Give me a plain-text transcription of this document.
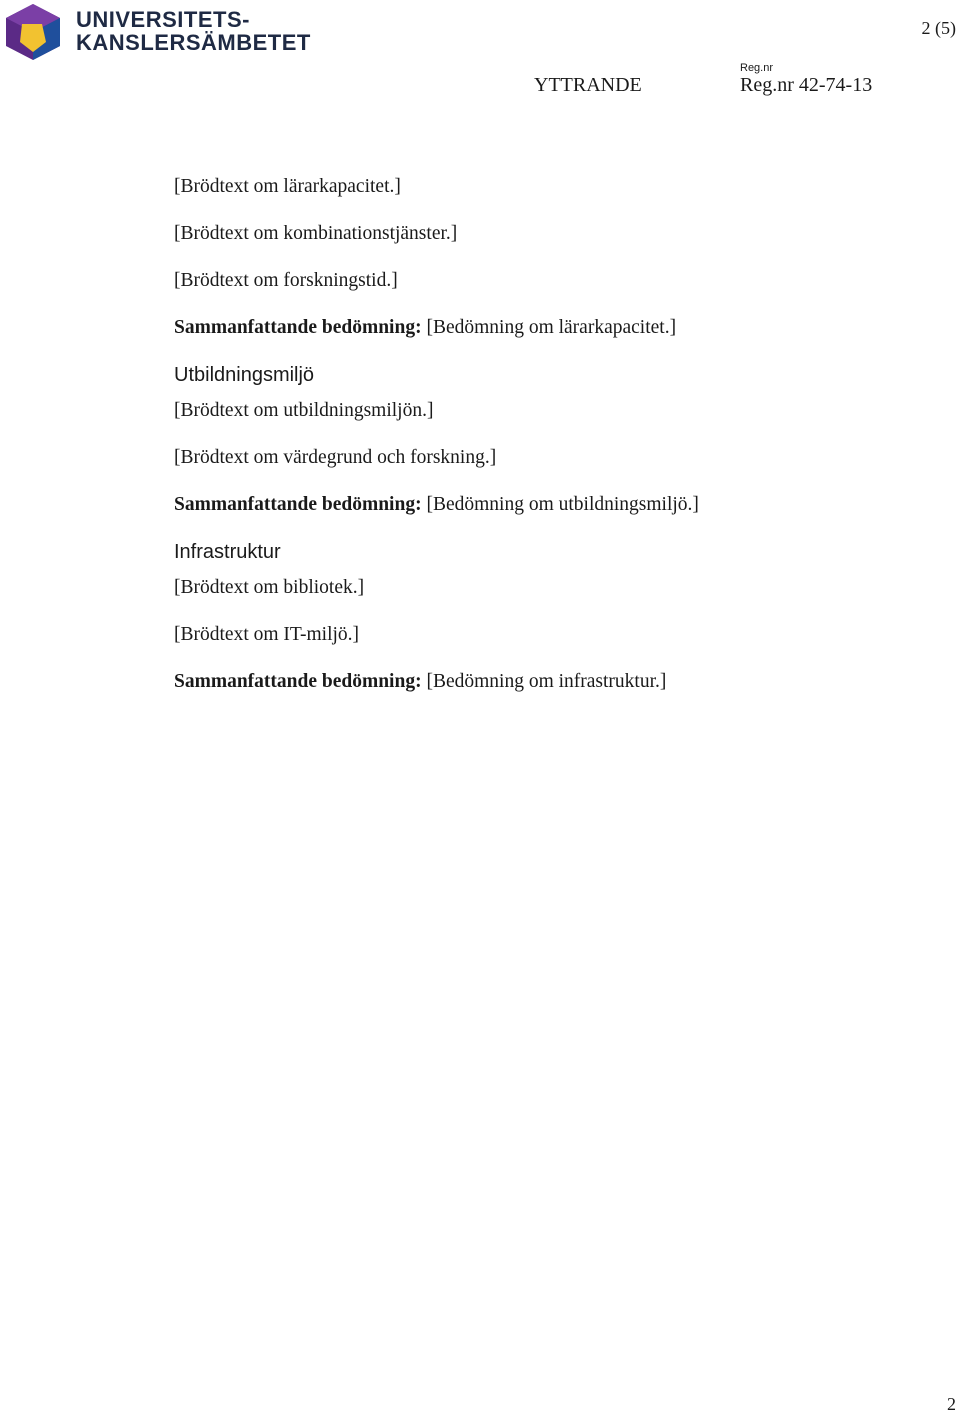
UNIVERSITETS-
KANSLERSÄMBETET
2 (5)
Reg.nr
YTTRANDE	Reg.nr 42-74-13

[Brödtext om lärarkapacitet.]

[Brödtext om kombinationstjänster.]

[Brödtext om forskningstid.]

Sammanfattande bedömning: [Bedömning om lärarkapacitet.]

Utbildningsmiljö

[Brödtext om utbildningsmiljön.]

[Brödtext om värdegrund och forskning.]

Sammanfattande bedömning: [Bedömning om utbildningsmiljö.]

Infrastruktur

[Brödtext om bibliotek.]

[Brödtext om IT-miljö.]

Sammanfattande bedömning: [Bedömning om infrastruktur.]

2
